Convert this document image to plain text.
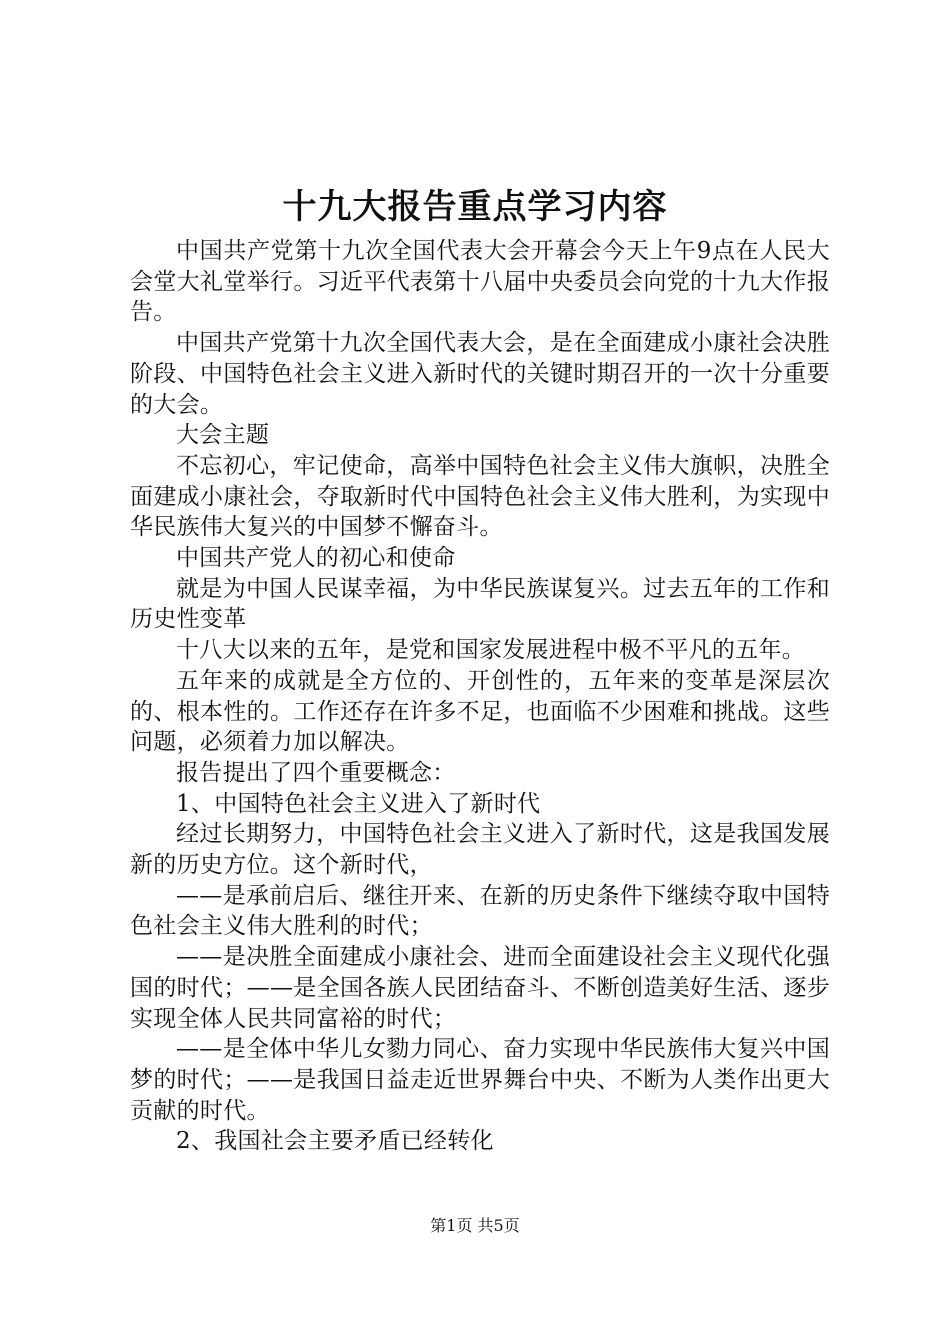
十九大报告重点学习内容

中国共产党第十九次全国代表大会开幕会今天上午9点在人民大会堂大礼堂举行。习近平代表第十八届中央委员会向党的十九大作报告。

中国共产党第十九次全国代表大会，是在全面建成小康社会决胜阶段、中国特色社会主义进入新时代的关键时期召开的一次十分重要的大会。

大会主题

不忘初心，牢记使命，高举中国特色社会主义伟大旗帜，决胜全面建成小康社会，夺取新时代中国特色社会主义伟大胜利，为实现中华民族伟大复兴的中国梦不懈奋斗。

中国共产党人的初心和使命

就是为中国人民谋幸福，为中华民族谋复兴。过去五年的工作和历史性变革

十八大以来的五年，是党和国家发展进程中极不平凡的五年。

五年来的成就是全方位的、开创性的，五年来的变革是深层次的、根本性的。工作还存在许多不足，也面临不少困难和挑战。这些问题，必须着力加以解决。

报告提出了四个重要概念：

1、中国特色社会主义进入了新时代

经过长期努力，中国特色社会主义进入了新时代，这是我国发展新的历史方位。这个新时代，

——是承前启后、继往开来、在新的历史条件下继续夺取中国特色社会主义伟大胜利的时代；

——是决胜全面建成小康社会、进而全面建设社会主义现代化强国的时代；——是全国各族人民团结奋斗、不断创造美好生活、逐步实现全体人民共同富裕的时代；

——是全体中华儿女勠力同心、奋力实现中华民族伟大复兴中国梦的时代；——是我国日益走近世界舞台中央、不断为人类作出更大贡献的时代。

2、我国社会主要矛盾已经转化

第1页 共5页
